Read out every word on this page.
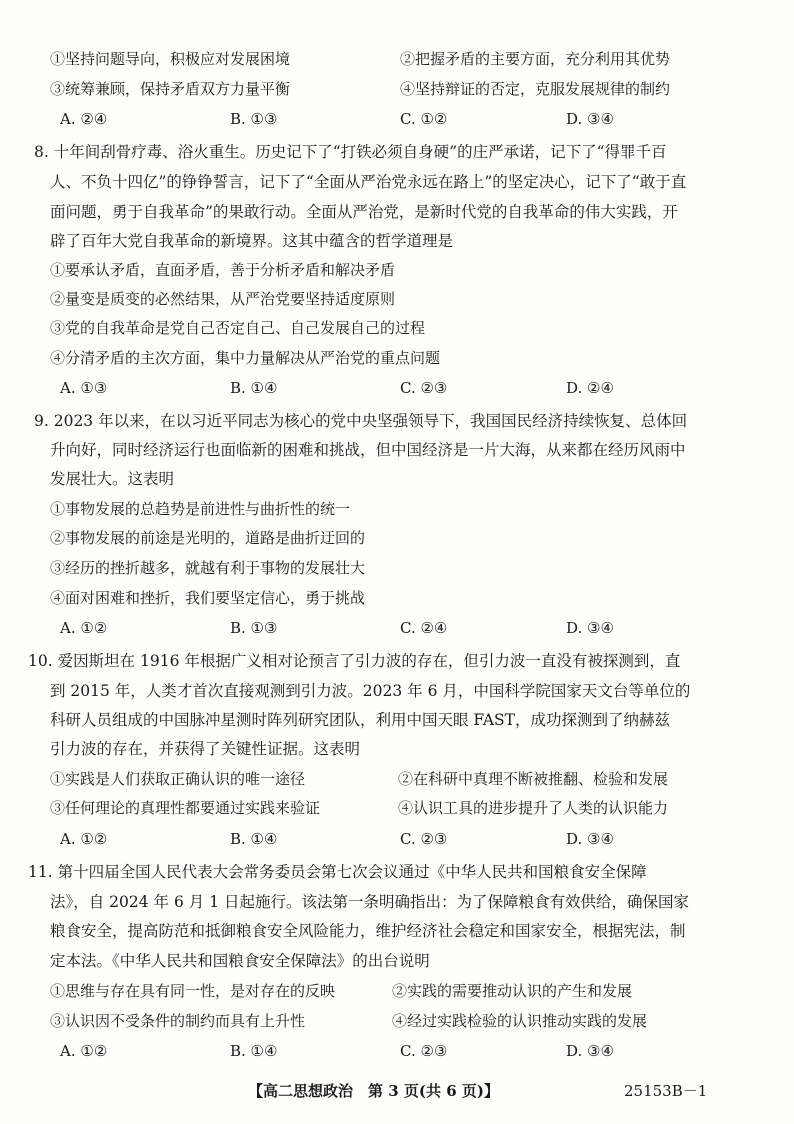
①坚持问题导向，积极应对发展困境	②把握矛盾的主要方面，充分利用其优势
③统筹兼顾，保持矛盾双方力量平衡	④坚持辩证的否定，克服发展规律的制约
A. ②④	B. ①③	C. ①②	D. ③④
8. 十年间刮骨疗毒、浴火重生。历史记下了“打铁必须自身硬”的庄严承诺，记下了“得罪千百
人、不负十四亿”的铮铮誓言，记下了“全面从严治党永远在路上”的坚定决心，记下了“敢于直
面问题，勇于自我革命”的果敢行动。全面从严治党，是新时代党的自我革命的伟大实践，开
辟了百年大党自我革命的新境界。这其中蕴含的哲学道理是
①要承认矛盾，直面矛盾，善于分析矛盾和解决矛盾
②量变是质变的必然结果，从严治党要坚持适度原则
③党的自我革命是党自己否定自己、自己发展自己的过程
④分清矛盾的主次方面，集中力量解决从严治党的重点问题
A. ①③	B. ①④	C. ②③	D. ②④
9. 2023 年以来，在以习近平同志为核心的党中央坚强领导下，我国国民经济持续恢复、总体回
升向好，同时经济运行也面临新的困难和挑战，但中国经济是一片大海，从来都在经历风雨中
发展壮大。这表明
①事物发展的总趋势是前进性与曲折性的统一
②事物发展的前途是光明的，道路是曲折迂回的
③经历的挫折越多，就越有利于事物的发展壮大
④面对困难和挫折，我们要坚定信心，勇于挑战
A. ①②	B. ①③	C. ②④	D. ③④
10. 爱因斯坦在 1916 年根据广义相对论预言了引力波的存在，但引力波一直没有被探测到，直
到 2015 年，人类才首次直接观测到引力波。2023 年 6 月，中国科学院国家天文台等单位的
科研人员组成的中国脉冲星测时阵列研究团队，利用中国天眼 FAST，成功探测到了纳赫兹
引力波的存在，并获得了关键性证据。这表明
①实践是人们获取正确认识的唯一途径	②在科研中真理不断被推翻、检验和发展
③任何理论的真理性都要通过实践来验证	④认识工具的进步提升了人类的认识能力
A. ①②	B. ①④	C. ②③	D. ③④
11. 第十四届全国人民代表大会常务委员会第七次会议通过《中华人民共和国粮食安全保障
法》，自 2024 年 6 月 1 日起施行。该法第一条明确指出：为了保障粮食有效供给，确保国家
粮食安全，提高防范和抵御粮食安全风险能力，维护经济社会稳定和国家安全，根据宪法，制
定本法。《中华人民共和国粮食安全保障法》的出台说明
①思维与存在具有同一性，是对存在的反映	②实践的需要推动认识的产生和发展
③认识因不受条件的制约而具有上升性	④经过实践检验的认识推动实践的发展
A. ①②	B. ①④	C. ②③	D. ③④
【高二思想政治　第 3 页(共 6 页)】	25153B－1
